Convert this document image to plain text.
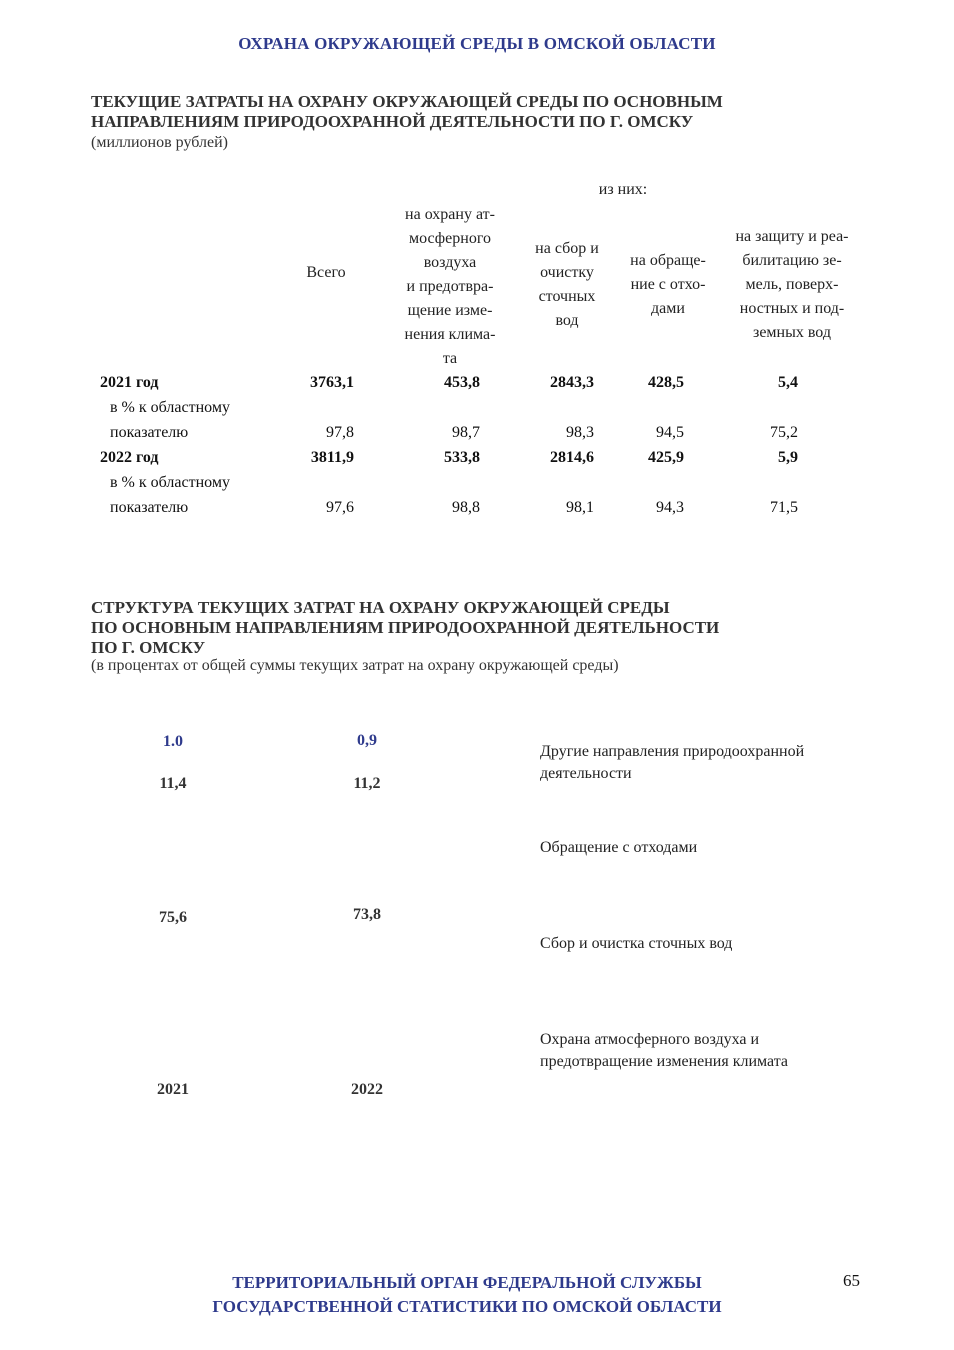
ОХРАНА ОКРУЖАЮЩЕЙ СРЕДЫ В ОМСКОЙ ОБЛАСТИ
ТЕКУЩИЕ ЗАТРАТЫ НА ОХРАНУ ОКРУЖАЮЩЕЙ СРЕДЫ ПО ОСНОВНЫМ
НАПРАВЛЕНИЯМ ПРИРОДООХРАННОЙ ДЕЯТЕЛЬНОСТИ ПО Г. ОМСКУ
(миллионов рублей)
из них:
Всего
на охрану ат-
мосферного
воздуха
и предотвра-
щение изме-
нения клима-
та
на сбор и
очистку
сточных
вод
на обраще-
ние с отхо-
дами
на защиту и реа-
билитацию зе-
мель, поверх-
ностных и под-
земных вод
2021 год	3763,1	453,8	2843,3	428,5	5,4
в % к областному
показателю	97,8	98,7	98,3	94,5	75,2
2022 год	3811,9	533,8	2814,6	425,9	5,9
в % к областному
показателю	97,6	98,8	98,1	94,3	71,5
СТРУКТУРА ТЕКУЩИХ ЗАТРАТ НА ОХРАНУ ОКРУЖАЮЩЕЙ СРЕДЫ
ПО ОСНОВНЫМ НАПРАВЛЕНИЯМ ПРИРОДООХРАННОЙ ДЕЯТЕЛЬНОСТИ
ПО Г. ОМСКУ
(в процентах от общей суммы текущих затрат на охрану окружающей среды)
1.0	0,9
11,4	11,2
75,6	73,8
2021	2022
Другие направления природоохранной
деятельности
Обращение с отходами
Сбор и очистка сточных вод
Охрана атмосферного воздуха и
предотвращение изменения климата
ТЕРРИТОРИАЛЬНЫЙ ОРГАН ФЕДЕРАЛЬНОЙ СЛУЖБЫ
ГОСУДАРСТВЕННОЙ СТАТИСТИКИ ПО ОМСКОЙ ОБЛАСТИ
65
